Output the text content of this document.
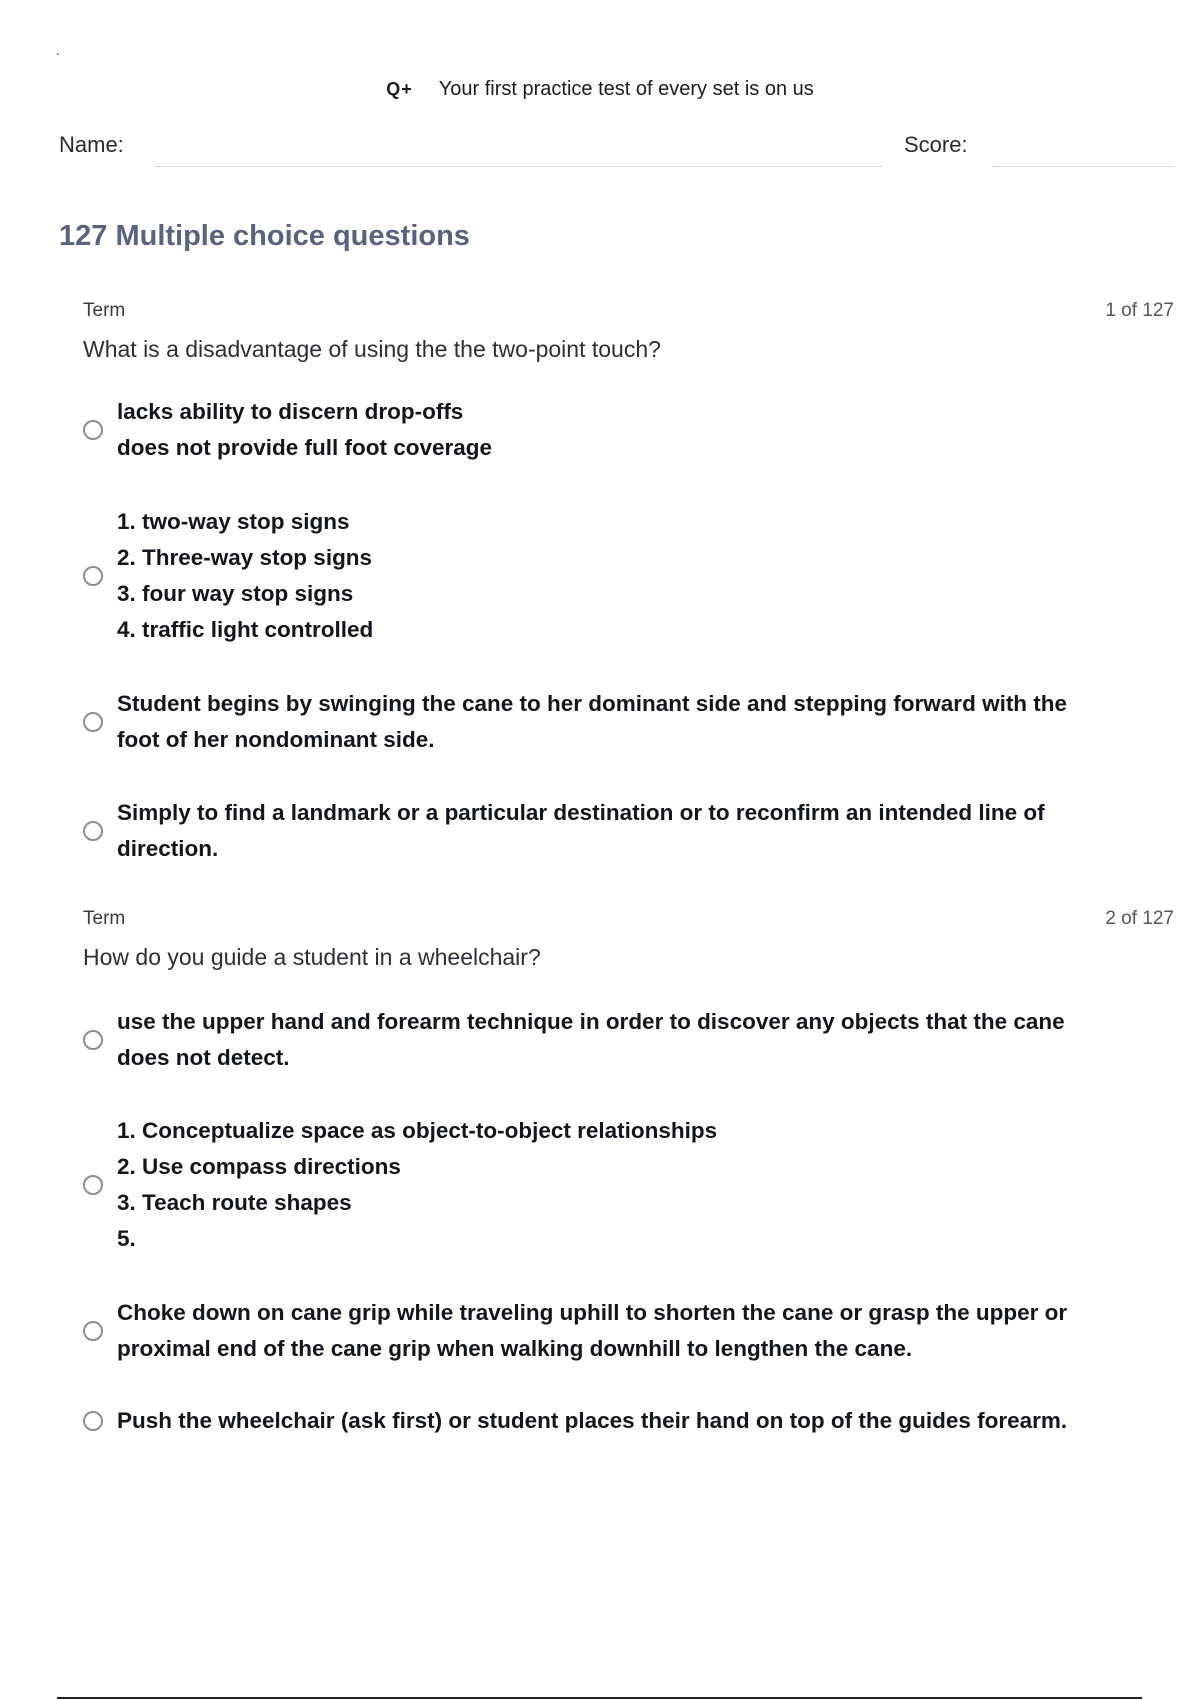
.
Q+ Your first practice test of every set is on us
Name:	Score:
127 Multiple choice questions
Term	1 of 127
What is a disadvantage of using the the two-point touch?
lacks ability to discern drop-offs
does not provide full foot coverage
1. two-way stop signs
2. Three-way stop signs
3. four way stop signs
4. traffic light controlled
Student begins by swinging the cane to her dominant side and stepping forward with the
foot of her nondominant side.
Simply to find a landmark or a particular destination or to reconfirm an intended line of
direction.
Term	2 of 127
How do you guide a student in a wheelchair?
use the upper hand and forearm technique in order to discover any objects that the cane
does not detect.
1. Conceptualize space as object-to-object relationships
2. Use compass directions
3. Teach route shapes
5.
Choke down on cane grip while traveling uphill to shorten the cane or grasp the upper or
proximal end of the cane grip when walking downhill to lengthen the cane.
Push the wheelchair (ask first) or student places their hand on top of the guides forearm.
